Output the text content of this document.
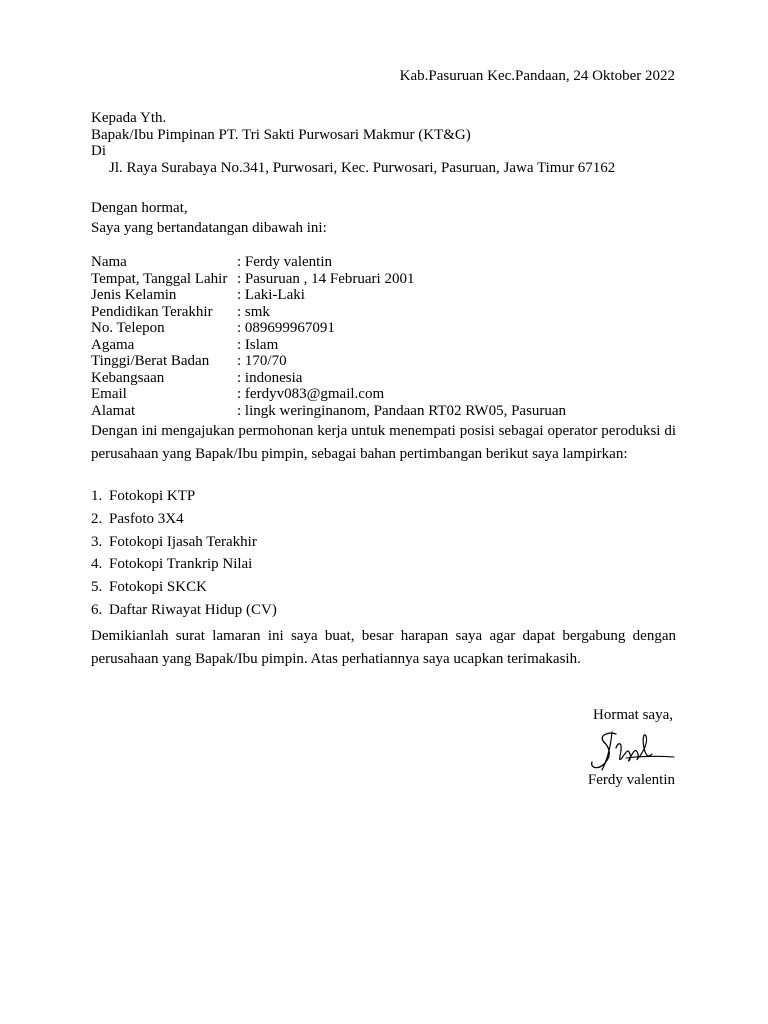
Kab.Pasuruan Kec.Pandaan, 24 Oktober 2022
Kepada Yth.
Bapak/Ibu Pimpinan PT. Tri Sakti Purwosari Makmur (KT&G)
Di
Jl. Raya Surabaya No.341, Purwosari, Kec. Purwosari, Pasuruan, Jawa Timur 67162
Dengan hormat,
Saya yang bertandatangan dibawah ini:
Nama	: Ferdy valentin
Tempat, Tanggal Lahir : Pasuruan , 14 Februari 2001
Jenis Kelamin	: Laki-Laki
Pendidikan Terakhir	: smk
No. Telepon	: 089699967091
Agama	: Islam
Tinggi/Berat Badan	: 170/70
Kebangsaan	: indonesia
Email	: ferdyv083@gmail.com
Alamat	: lingk weringinanom, Pandaan RT02 RW05, Pasuruan
Dengan ini mengajukan permohonan kerja untuk menempati posisi sebagai operator peroduksi di perusahaan yang Bapak/Ibu pimpin, sebagai bahan pertimbangan berikut saya lampirkan:
1. Fotokopi KTP
2. Pasfoto 3X4
3. Fotokopi Ijasah Terakhir
4. Fotokopi Trankrip Nilai
5. Fotokopi SKCK
6. Daftar Riwayat Hidup (CV)
Demikianlah surat lamaran ini saya buat, besar harapan saya agar dapat bergabung dengan perusahaan yang Bapak/Ibu pimpin. Atas perhatiannya saya ucapkan terimakasih.
Hormat saya,
Ferdy valentin
